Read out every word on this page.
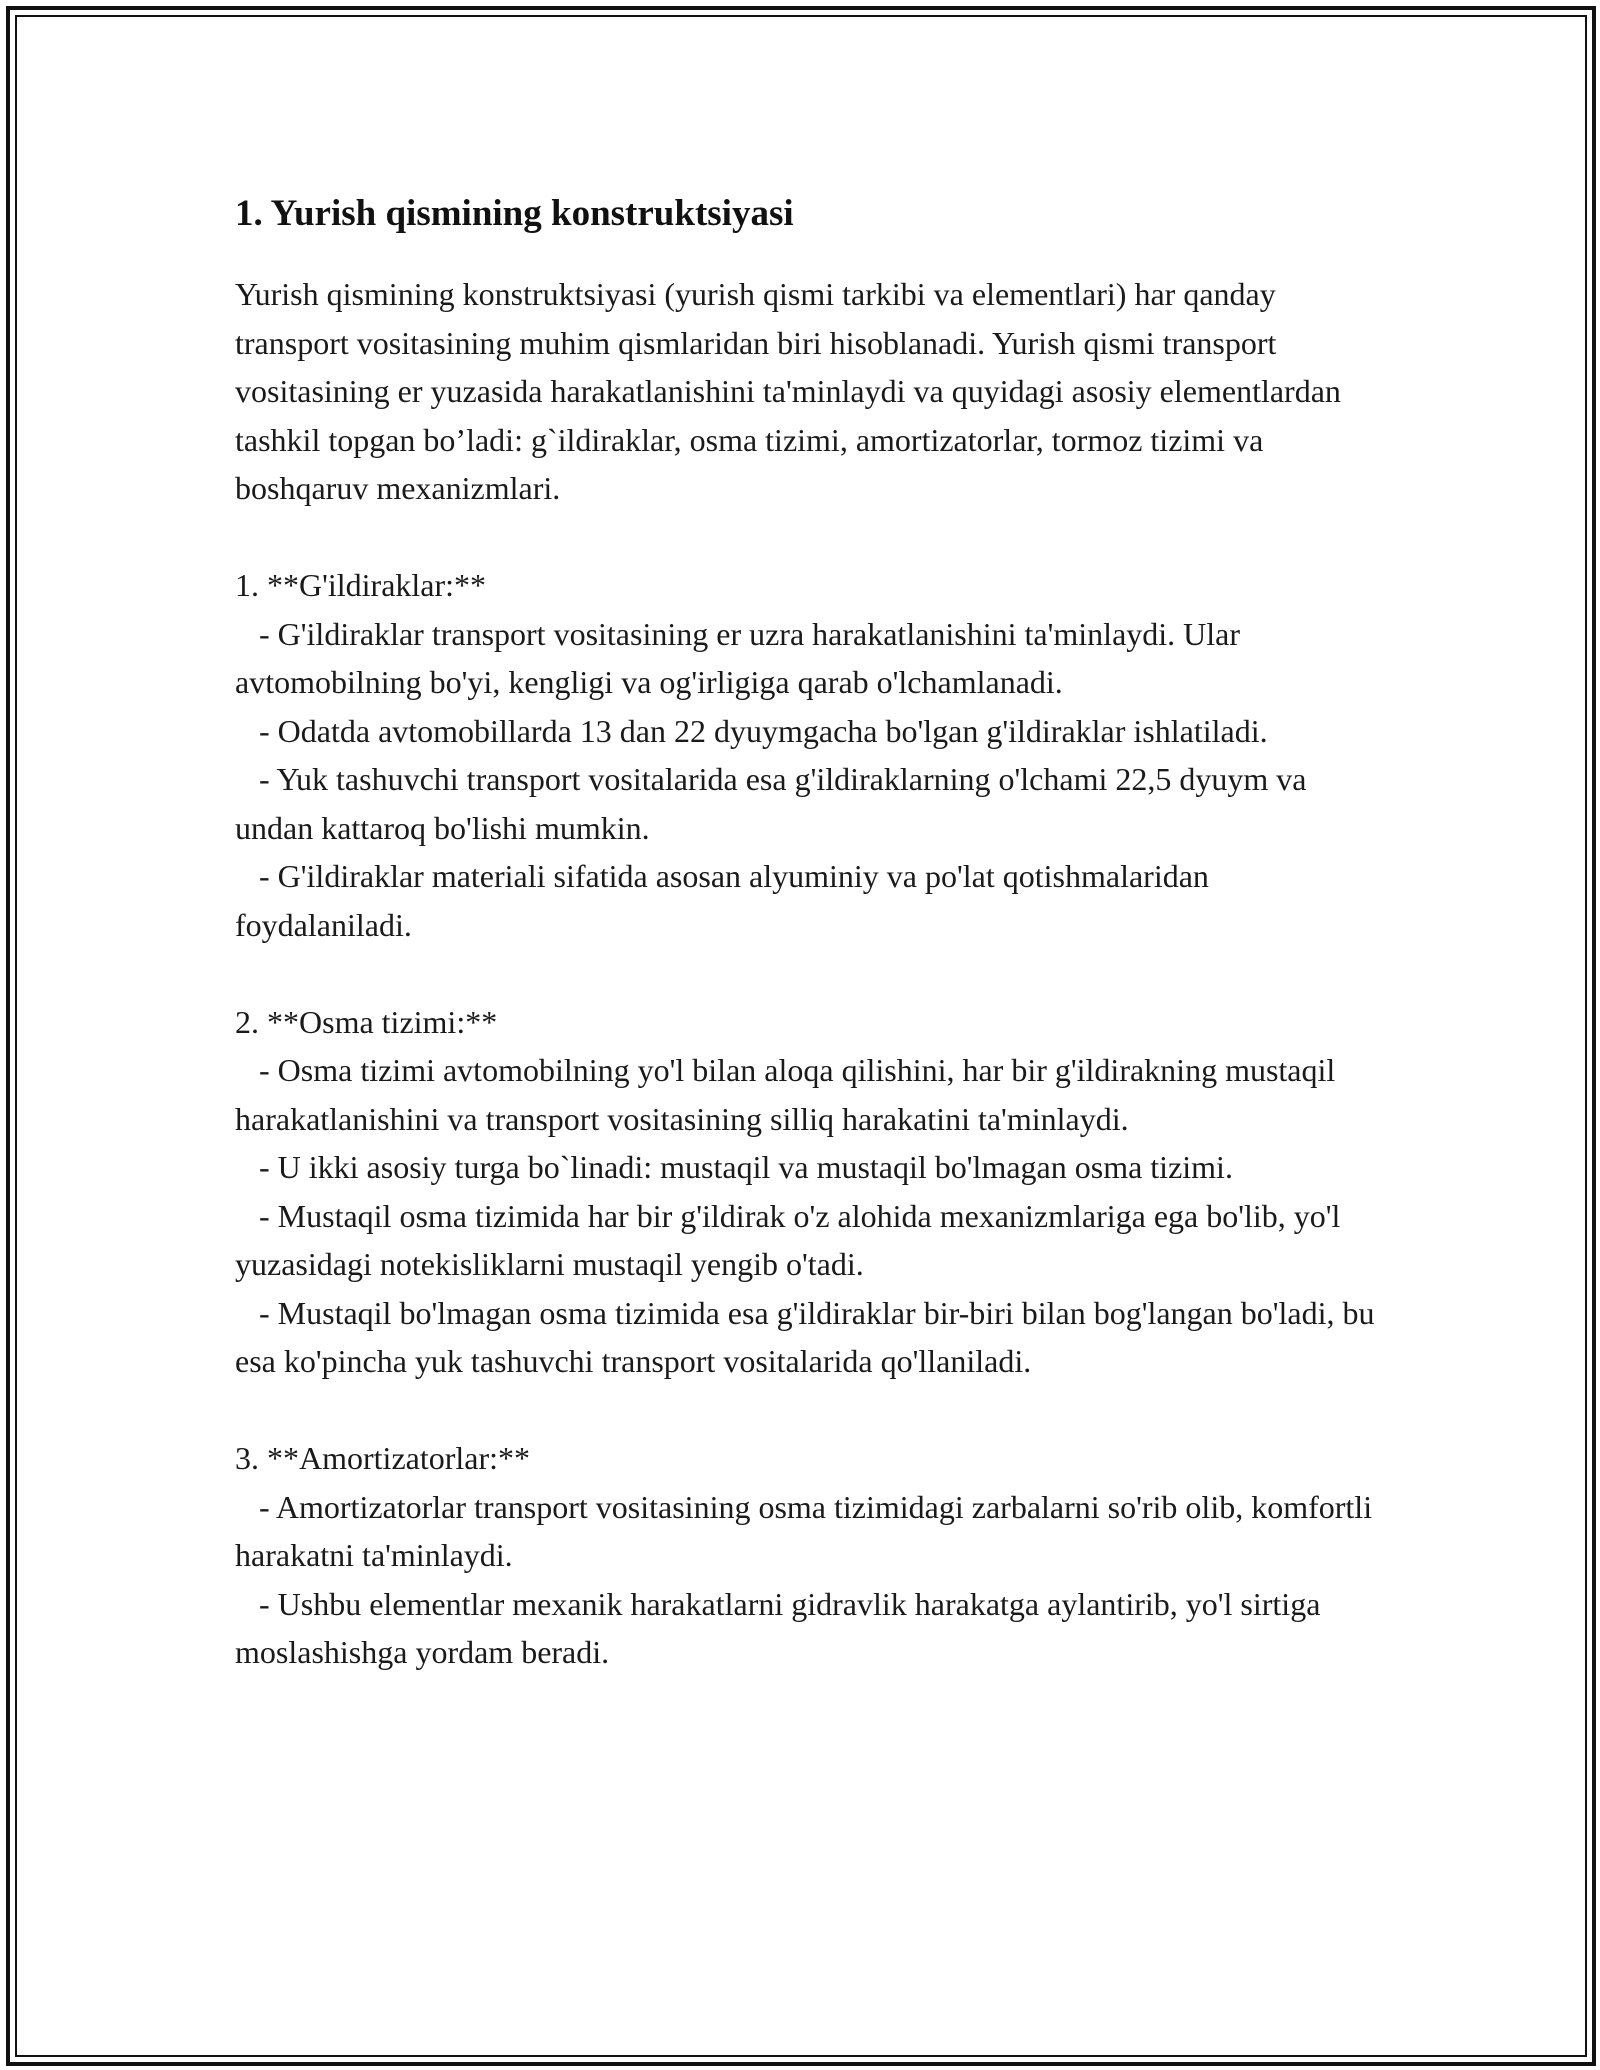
1. Yurish qismining konstruktsiyasi

Yurish qismining konstruktsiyasi (yurish qismi tarkibi va elementlari) har qanday transport vositasining muhim qismlaridan biri hisoblanadi. Yurish qismi transport vositasining er yuzasida harakatlanishini ta'minlaydi va quyidagi asosiy elementlardan tashkil topgan bo’ladi: g`ildiraklar, osma tizimi, amortizatorlar, tormoz tizimi va boshqaruv mexanizmlari.

1. **G'ildiraklar:**
- G'ildiraklar transport vositasining er uzra harakatlanishini ta'minlaydi. Ular avtomobilning bo'yi, kengligi va og'irligiga qarab o'lchamlanadi.
- Odatda avtomobillarda 13 dan 22 dyuymgacha bo'lgan g'ildiraklar ishlatiladi.
- Yuk tashuvchi transport vositalarida esa g'ildiraklarning o'lchami 22,5 dyuym va undan kattaroq bo'lishi mumkin.
- G'ildiraklar materiali sifatida asosan alyuminiy va po'lat qotishmalaridan foydalaniladi.
2. **Osma tizimi:**
- Osma tizimi avtomobilning yo'l bilan aloqa qilishini, har bir g'ildirakning mustaqil harakatlanishini va transport vositasining silliq harakatini ta'minlaydi.
- U ikki asosiy turga bo`linadi: mustaqil va mustaqil bo'lmagan osma tizimi.
- Mustaqil osma tizimida har bir g'ildirak o'z alohida mexanizmlariga ega bo'lib, yo'l yuzasidagi notekisliklarni mustaqil yengib o'tadi.
- Mustaqil bo'lmagan osma tizimida esa g'ildiraklar bir-biri bilan bog'langan bo'ladi, bu esa ko'pincha yuk tashuvchi transport vositalarida qo'llaniladi.
3. **Amortizatorlar:**
- Amortizatorlar transport vositasining osma tizimidagi zarbalarni so'rib olib, komfortli harakatni ta'minlaydi.
- Ushbu elementlar mexanik harakatlarni gidravlik harakatga aylantirib, yo'l sirtiga moslashishga yordam beradi.
